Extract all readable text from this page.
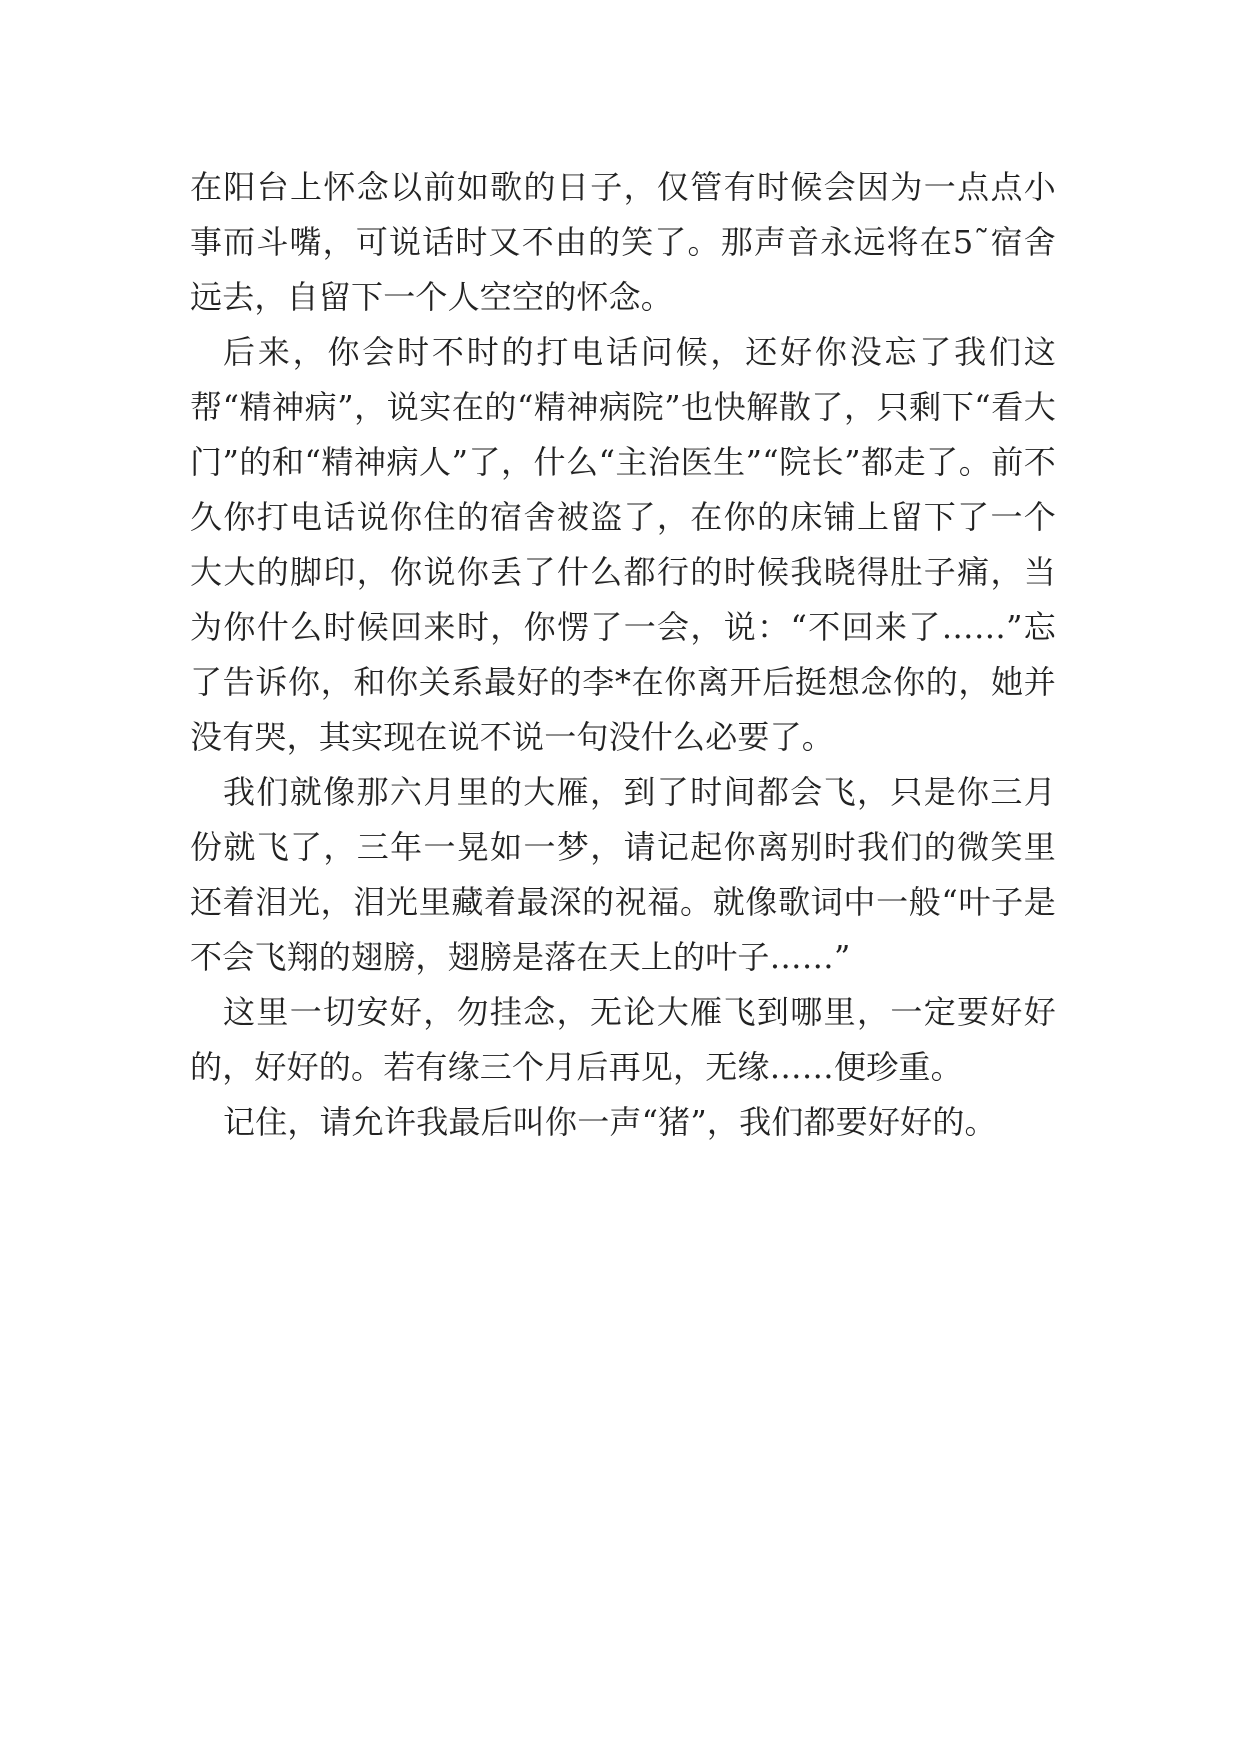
在阳台上怀念以前如歌的日子，仅管有时候会因为一点点小事而斗嘴，可说话时又不由的笑了。那声音永远将在5˜宿舍远去，自留下一个人空空的怀念。

后来，你会时不时的打电话问候，还好你没忘了我们这帮“精神病”，说实在的“精神病院”也快解散了，只剩下“看大门”的和“精神病人”了，什么“主治医生”“院长”都走了。前不久你打电话说你住的宿舍被盗了，在你的床铺上留下了一个大大的脚印，你说你丢了什么都行的时候我晓得肚子痛，当为你什么时候回来时，你愣了一会，说：“不回来了……”忘了告诉你，和你关系最好的李*在你离开后挺想念你的，她并没有哭，其实现在说不说一句没什么必要了。

我们就像那六月里的大雁，到了时间都会飞，只是你三月份就飞了，三年一晃如一梦，请记起你离别时我们的微笑里还着泪光，泪光里藏着最深的祝福。就像歌词中一般“叶子是不会飞翔的翅膀，翅膀是落在天上的叶子……”

这里一切安好，勿挂念，无论大雁飞到哪里，一定要好好的，好好的。若有缘三个月后再见，无缘……便珍重。

记住，请允许我最后叫你一声“猪”，我们都要好好的。
